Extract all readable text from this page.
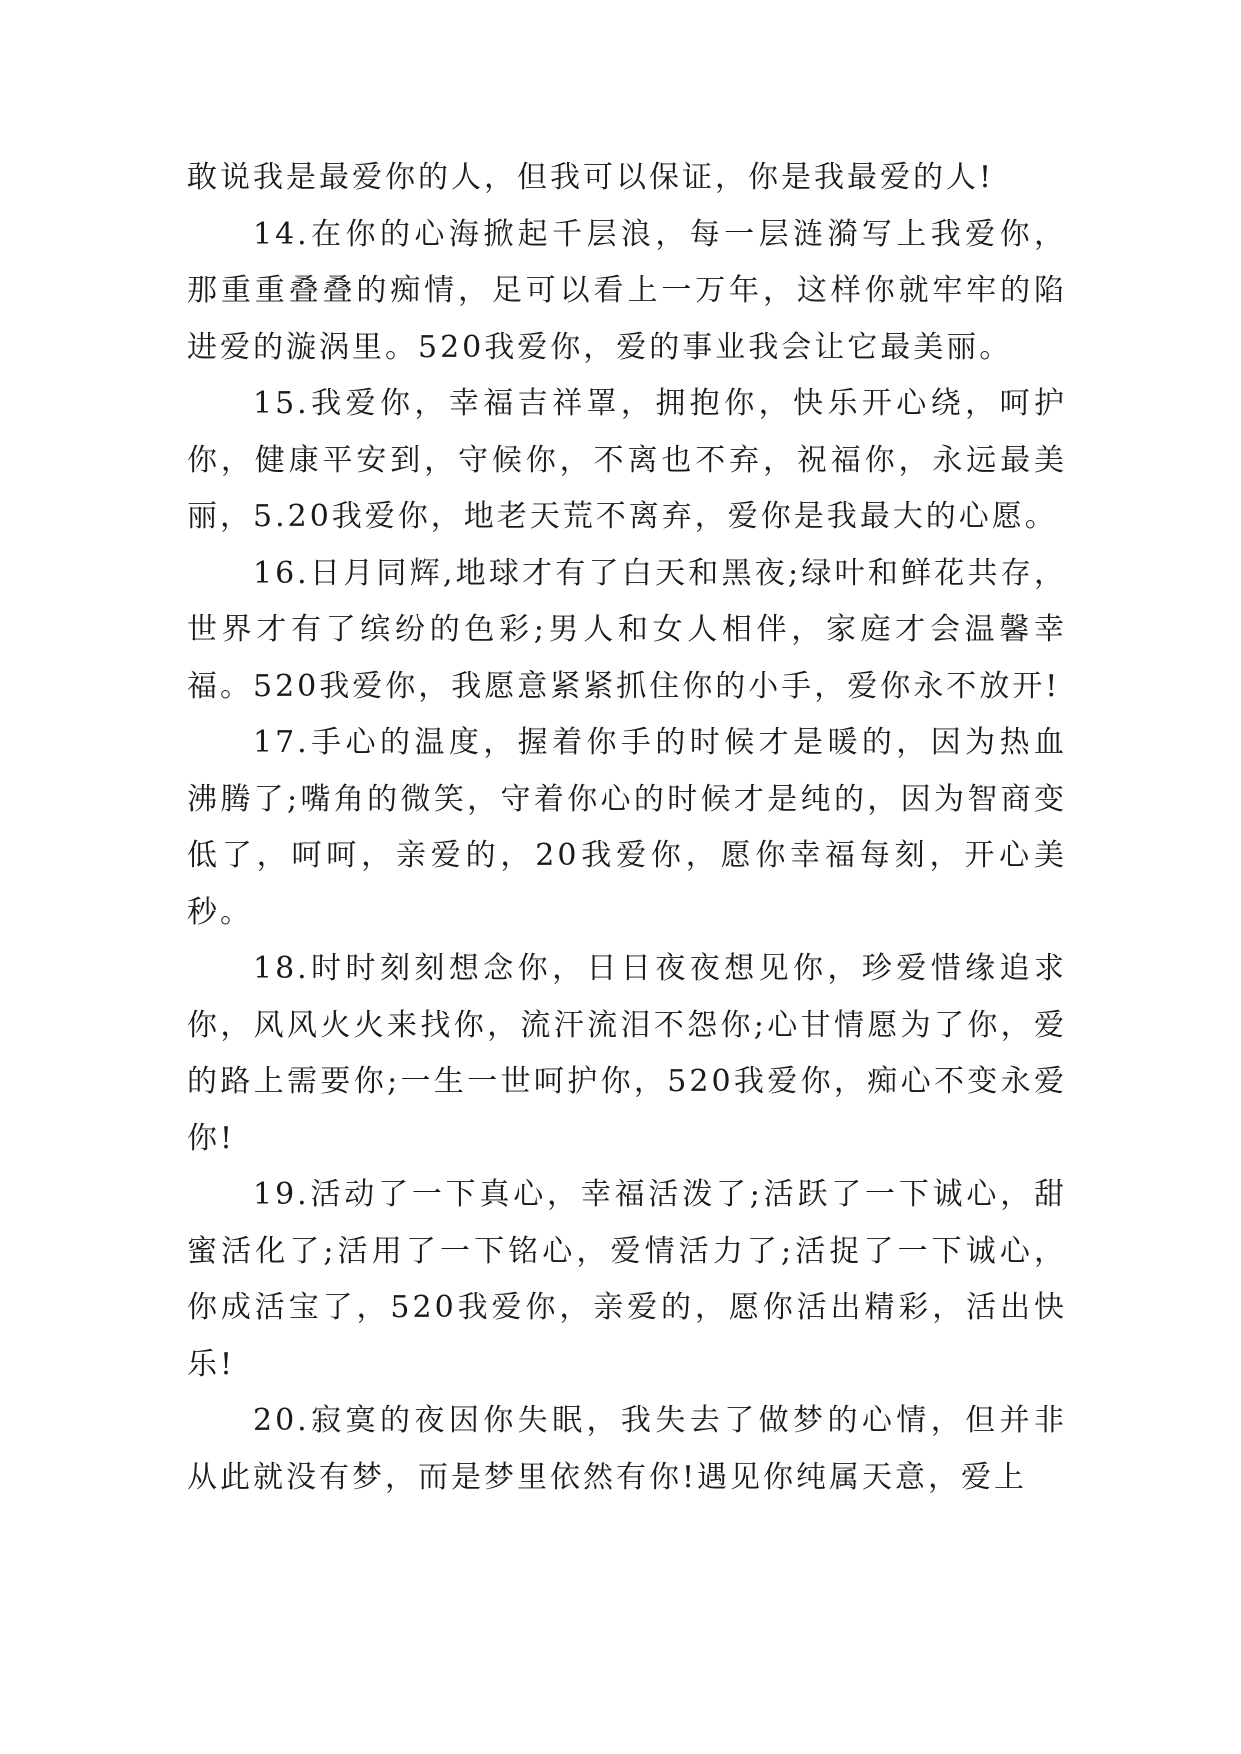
敢说我是最爱你的人，但我可以保证，你是我最爱的人!

14.在你的心海掀起千层浪，每一层涟漪写上我爱你，那重重叠叠的痴情，足可以看上一万年，这样你就牢牢的陷进爱的漩涡里。520我爱你，爱的事业我会让它最美丽。

15.我爱你，幸福吉祥罩，拥抱你，快乐开心绕，呵护你，健康平安到，守候你，不离也不弃，祝福你，永远最美丽，5.20我爱你，地老天荒不离弃，爱你是我最大的心愿。

16.日月同辉,地球才有了白天和黑夜;绿叶和鲜花共存，世界才有了缤纷的色彩;男人和女人相伴，家庭才会温馨幸福。520我爱你，我愿意紧紧抓住你的小手，爱你永不放开!

17.手心的温度，握着你手的时候才是暖的，因为热血沸腾了;嘴角的微笑，守着你心的时候才是纯的，因为智商变低了，呵呵，亲爱的，20我爱你，愿你幸福每刻，开心美秒。

18.时时刻刻想念你，日日夜夜想见你，珍爱惜缘追求你，风风火火来找你，流汗流泪不怨你;心甘情愿为了你，爱的路上需要你;一生一世呵护你，520我爱你，痴心不变永爱你!

19.活动了一下真心，幸福活泼了;活跃了一下诚心，甜蜜活化了;活用了一下铭心，爱情活力了;活捉了一下诚心，你成活宝了，520我爱你，亲爱的，愿你活出精彩，活出快乐!

20.寂寞的夜因你失眠，我失去了做梦的心情，但并非从此就没有梦，而是梦里依然有你!遇见你纯属天意，爱上
